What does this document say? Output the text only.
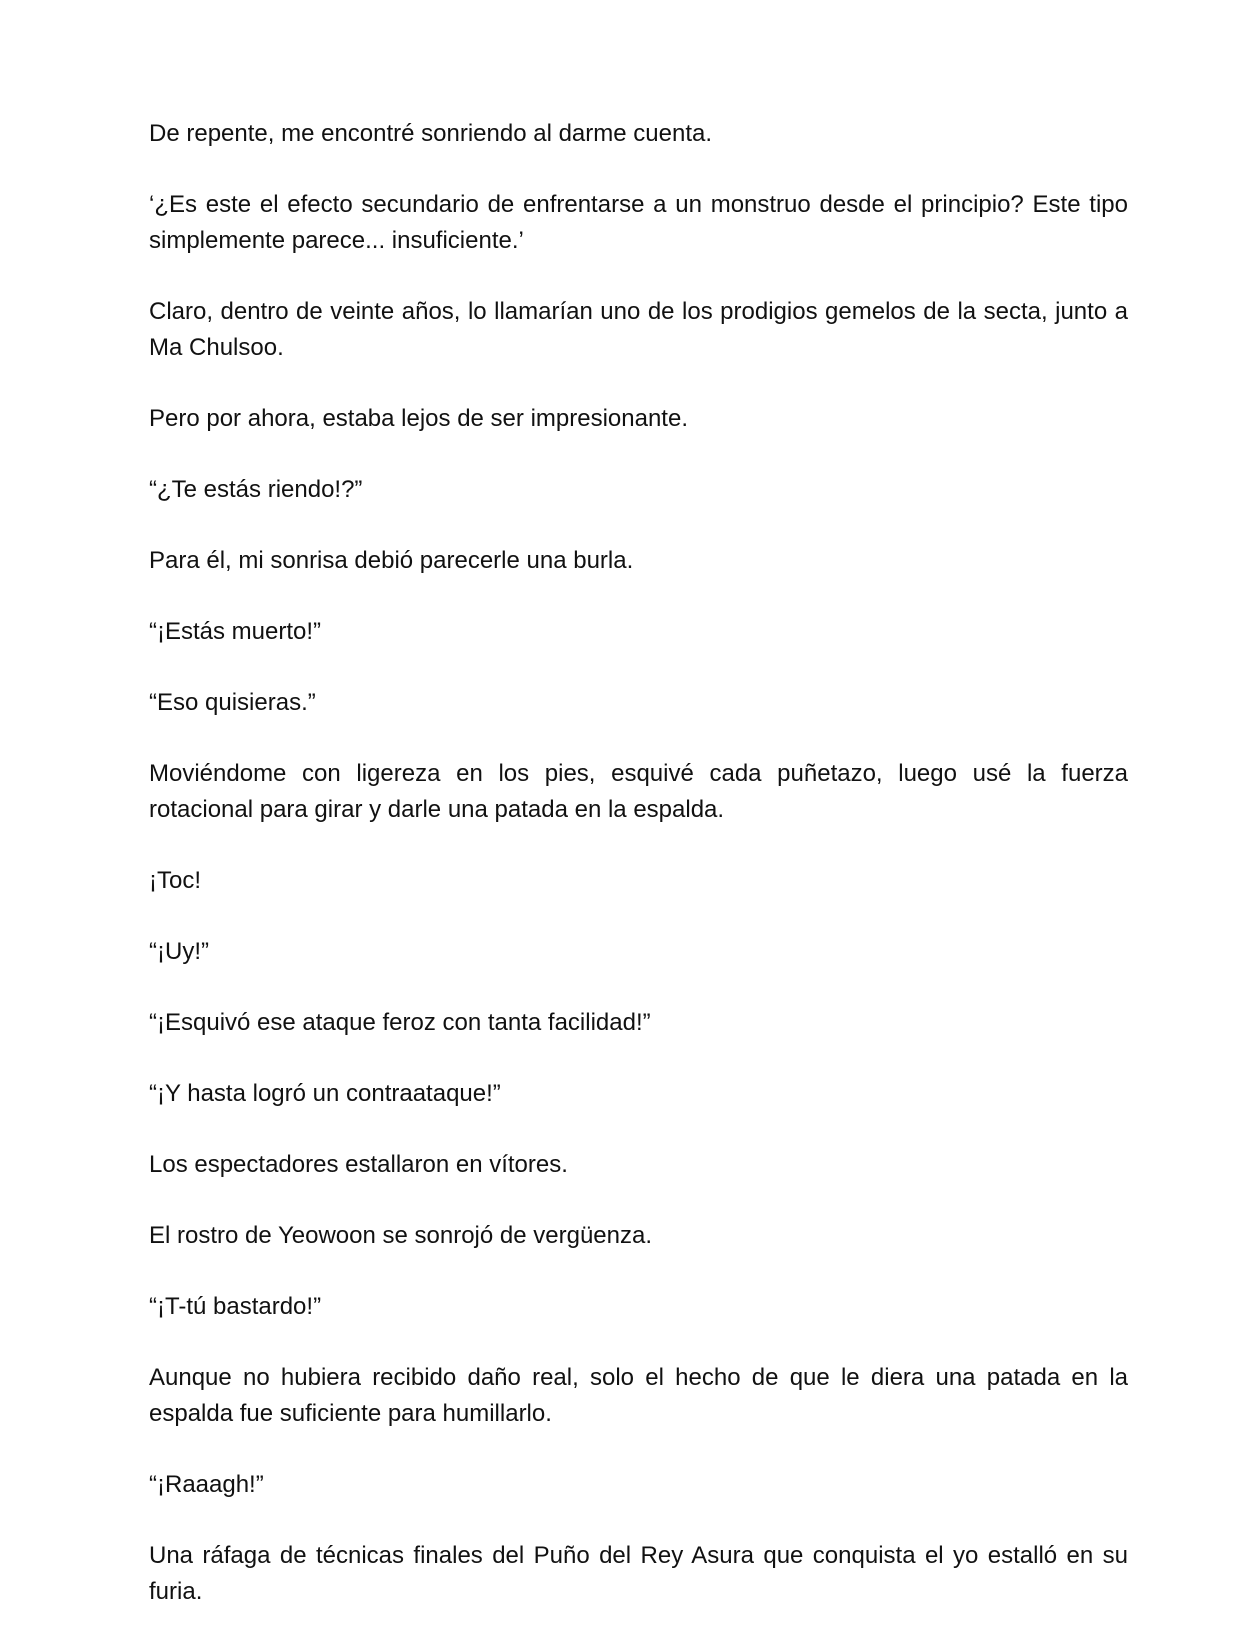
De repente, me encontré sonriendo al darme cuenta.

‘¿Es este el efecto secundario de enfrentarse a un monstruo desde el principio? Este tipo simplemente parece... insuficiente.’

Claro, dentro de veinte años, lo llamarían uno de los prodigios gemelos de la secta, junto a Ma Chulsoo.

Pero por ahora, estaba lejos de ser impresionante.

“¿Te estás riendo!?”

Para él, mi sonrisa debió parecerle una burla.

“¡Estás muerto!”

“Eso quisieras.”

Moviéndome con ligereza en los pies, esquivé cada puñetazo, luego usé la fuerza rotacional para girar y darle una patada en la espalda.

¡Toc!

“¡Uy!”

“¡Esquivó ese ataque feroz con tanta facilidad!”

“¡Y hasta logró un contraataque!”

Los espectadores estallaron en vítores.

El rostro de Yeowoon se sonrojó de vergüenza.

“¡T-tú bastardo!”

Aunque no hubiera recibido daño real, solo el hecho de que le diera una patada en la espalda fue suficiente para humillarlo.

“¡Raaagh!”

Una ráfaga de técnicas finales del Puño del Rey Asura que conquista el yo estalló en su furia.
